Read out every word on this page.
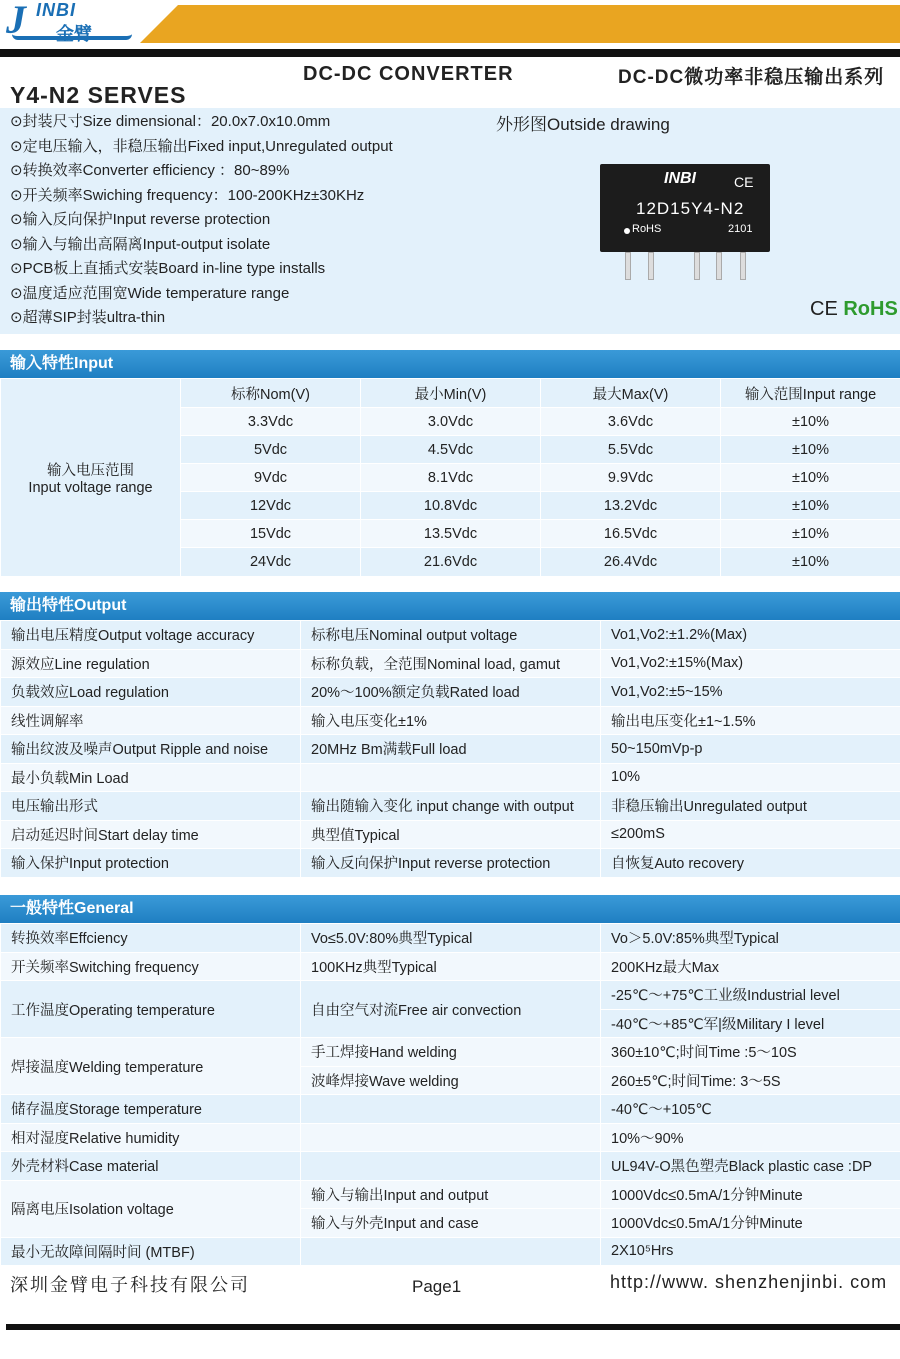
J INBI
金臂
DC-DC CONVERTER	DC-DC微功率非稳压输出系列
Y4-N2 SERVES
⊙封装尺寸Size dimensional：20.0x7.0x10.0mm
⊙定电压输入，非稳压输出Fixed input,Unregulated output
⊙转换效率Converter efficiency ：80~89%
⊙开关频率Swiching frequency：100-200KHz±30KHz
⊙输入反向保护Input reverse protection
⊙输入与输出高隔离Input-output isolate
⊙PCB板上直插式安装Board in-line type installs
⊙温度适应范围宽Wide temperature range
⊙超薄SIP封装ultra-thin
外形图Outside drawing
INBI	CE
12D15Y4-N2
RoHS	2101
CE RoHS
输入特性Input
输入电压范围
Input voltage range	标称Nom(V)	最小Min(V)	最大Max(V)	输入范围Input range
	3.3Vdc	3.0Vdc	3.6Vdc	±10%
	5Vdc	4.5Vdc	5.5Vdc	±10%
	9Vdc	8.1Vdc	9.9Vdc	±10%
	12Vdc	10.8Vdc	13.2Vdc	±10%
	15Vdc	13.5Vdc	16.5Vdc	±10%
	24Vdc	21.6Vdc	26.4Vdc	±10%
输出特性Output
输出电压精度Output voltage accuracy	标称电压Nominal output voltage	Vo1,Vo2:±1.2%(Max)
源效应Line regulation	标称负载，全范围Nominal load, gamut	Vo1,Vo2:±15%(Max)
负载效应Load regulation	20%～100%额定负载Rated load	Vo1,Vo2:±5~15%
线性调解率	输入电压变化±1%	输出电压变化±1~1.5%
输出纹波及噪声Output Ripple and noise	20MHz Bm满载Full load	50~150mVp-p
最小负载Min Load		10%
电压输出形式	输出随输入变化 input change with output	非稳压输出Unregulated output
启动延迟时间Start delay time	典型值Typical	≤200mS
输入保护Input protection	输入反向保护Input reverse protection	自恢复Auto recovery
一般特性General
转换效率Effciency	Vo≤5.0V:80%典型Typical	Vo＞5.0V:85%典型Typical
开关频率Switching frequency	100KHz典型Typical	200KHz最大Max
工作温度Operating temperature	自由空气对流Free air convection	-25℃～+75℃工业级Industrial level
		-40℃～+85℃军|级Military I level
焊接温度Welding temperature	手工焊接Hand welding	360±10℃;时间Time :5～10S
	波峰焊接Wave welding	260±5℃;时间Time: 3～5S
储存温度Storage temperature		-40℃～+105℃
相对湿度Relative humidity		10%～90%
外壳材料Case material		UL94V-O黑色塑壳Black plastic case :DP
隔离电压Isolation voltage	输入与输出Input and output	1000Vdc≤0.5mA/1分钟Minute
	输入与外壳Input and case	1000Vdc≤0.5mA/1分钟Minute
最小无故障间隔时间 (MTBF)		2X10⁵Hrs
深圳金臂电子科技有限公司	Page1	http://www. shenzhenjinbi. com
